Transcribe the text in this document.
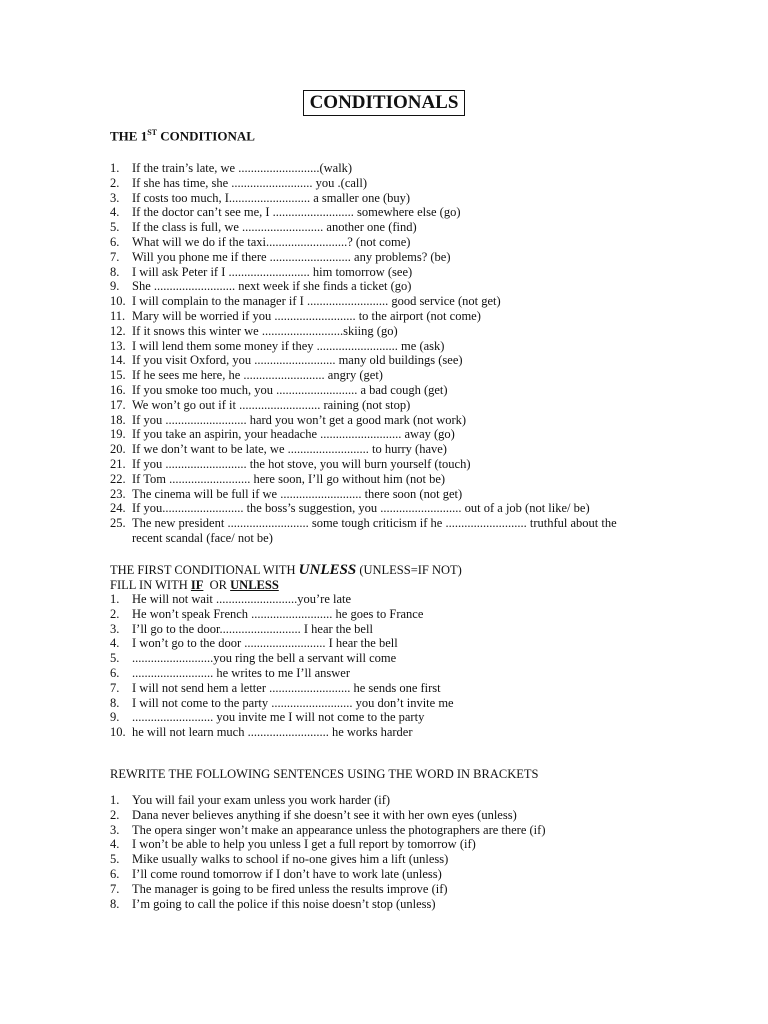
CONDITIONALS
THE 1ST CONDITIONAL
1.	If the train’s late, we ..........................(walk)
2.	If she has time, she .......................... you .(call)
3.	If costs too much, I.......................... a smaller one (buy)
4.	If the doctor can’t see me, I .......................... somewhere else (go)
5.	If the class is full, we .......................... another one (find)
6.	What will we do if the taxi..........................? (not come)
7.	Will you phone me if there .......................... any problems? (be)
8.	I will ask Peter if I .......................... him tomorrow (see)
9.	She .......................... next week if she finds a ticket (go)
10. I will complain to the manager if I .......................... good service (not get)
11. Mary will be worried if you .......................... to the airport (not come)
12. If it snows this winter we ..........................skiing (go)
13. I will lend them some money if they .......................... me (ask)
14. If you visit Oxford, you .......................... many old buildings (see)
15. If he sees me here, he .......................... angry (get)
16. If you smoke too much, you .......................... a bad cough (get)
17. We won’t go out if it .......................... raining (not stop)
18. If you .......................... hard you won’t get a good mark (not work)
19. If you take an aspirin, your headache .......................... away (go)
20. If we don’t want to be late, we .......................... to hurry (have)
21. If you .......................... the hot stove, you will burn yourself (touch)
22. If Tom .......................... here soon, I’ll go without him (not be)
23. The cinema will be full if we .......................... there soon (not get)
24. If you.......................... the boss’s suggestion, you .......................... out of a job (not like/ be)
25. The new president .......................... some tough criticism if he .......................... truthful about the recent scandal (face/ not be)
THE FIRST CONDITIONAL WITH UNLESS (UNLESS=IF NOT)
FILL IN WITH IF  OR UNLESS
1.	He will not wait ..........................you’re late
2.	He won’t speak French .......................... he goes to France
3.	I’ll go to the door.......................... I hear the bell
4.	I won’t go to the door .......................... I hear the bell
5.	..........................you ring the bell a servant will come
6.	.......................... he writes to me I’ll answer
7.	I will not send hem a letter .......................... he sends one first
8.	I will not come to the party .......................... you don’t invite me
9.	.......................... you invite me I will not come to the party
10. he will not learn much .......................... he works harder
REWRITE THE FOLLOWING SENTENCES USING THE WORD IN BRACKETS
1.	You will fail your exam unless you work harder (if)
2.	Dana never believes anything if she doesn’t see it with her own eyes (unless)
3.	The opera singer won’t make an appearance unless the photographers are there (if)
4.	I won’t be able to help you unless I get a full report by tomorrow (if)
5.	Mike usually walks to school if no-one gives him a lift (unless)
6.	I’ll come round tomorrow if I don’t have to work late (unless)
7.	The manager is going to be fired unless the results improve (if)
8.	I’m going to call the police if this noise doesn’t stop (unless)
